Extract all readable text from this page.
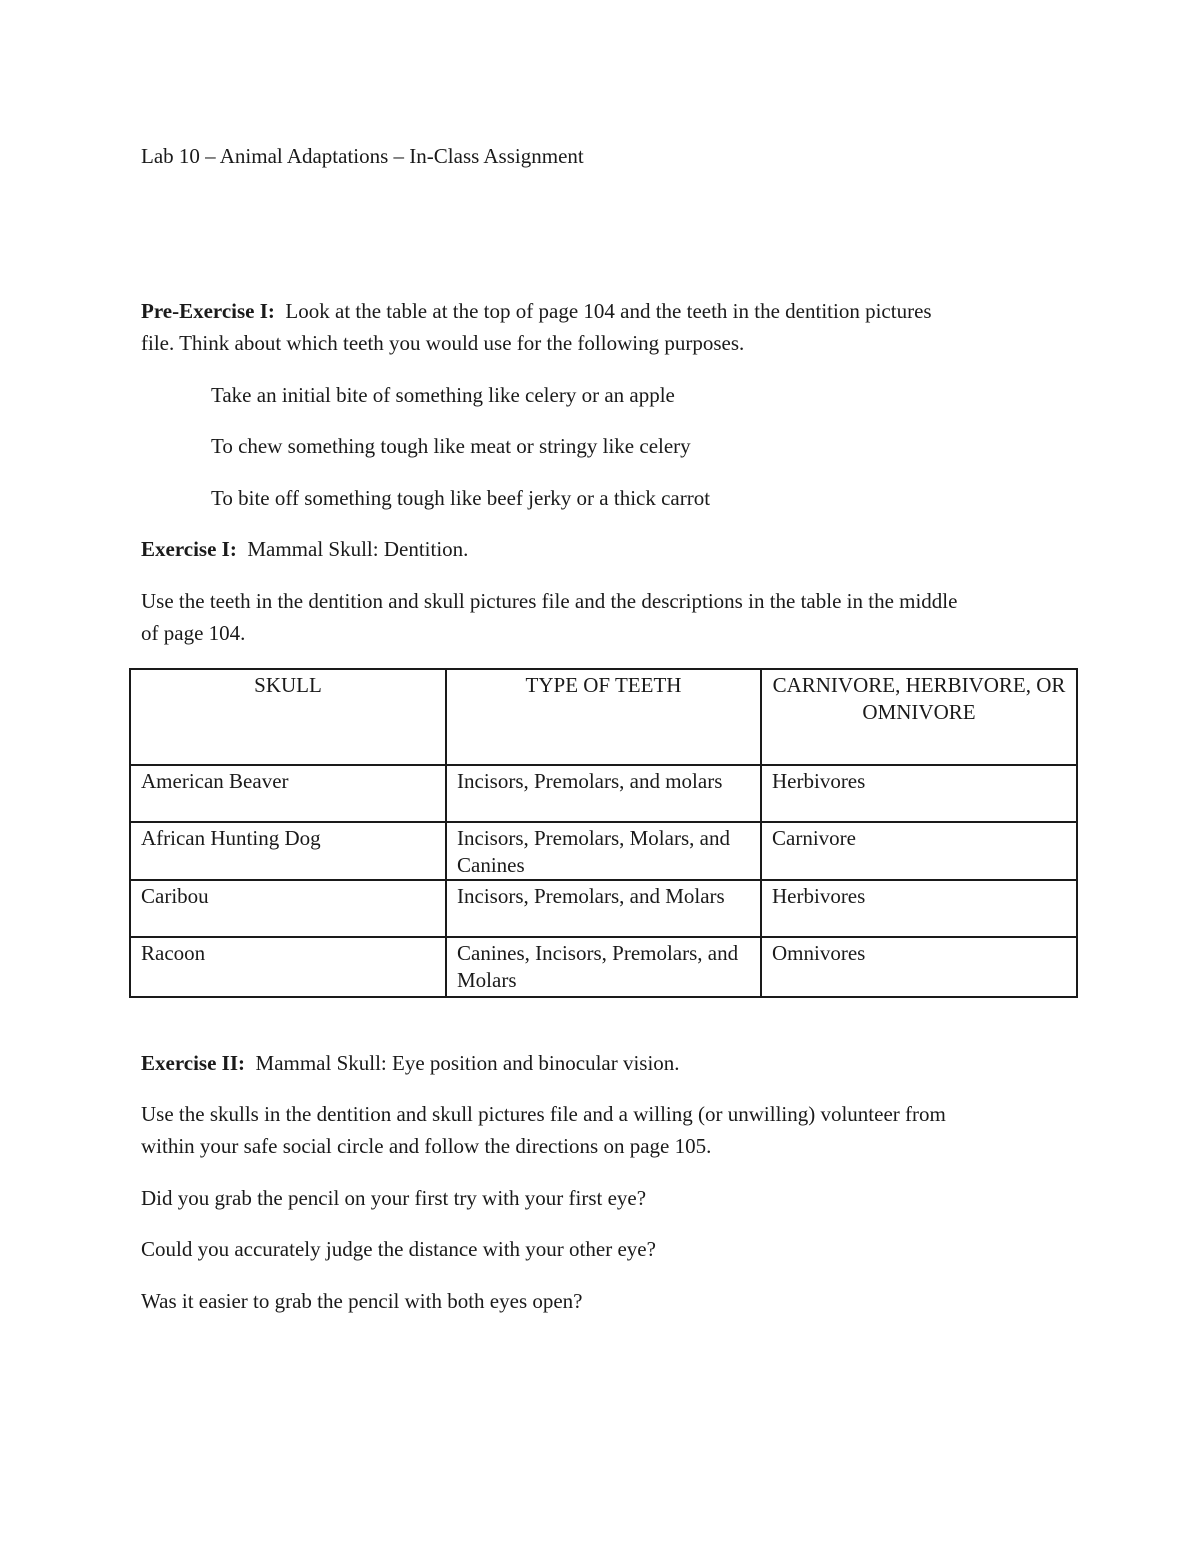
Lab 10 – Animal Adaptations – In-Class Assignment
Pre-Exercise I: Look at the table at the top of page 104 and the teeth in the dentition pictures
file. Think about which teeth you would use for the following purposes.
Take an initial bite of something like celery or an apple
To chew something tough like meat or stringy like celery
To bite off something tough like beef jerky or a thick carrot
Exercise I: Mammal Skull: Dentition.
Use the teeth in the dentition and skull pictures file and the descriptions in the table in the middle
of page 104.
SKULL	TYPE OF TEETH	CARNIVORE, HERBIVORE, OR OMNIVORE
American Beaver	Incisors, Premolars, and molars	Herbivores
African Hunting Dog	Incisors, Premolars, Molars, and Canines	Carnivore
Caribou	Incisors, Premolars, and Molars	Herbivores
Racoon	Canines, Incisors, Premolars, and Molars	Omnivores
Exercise II: Mammal Skull: Eye position and binocular vision.
Use the skulls in the dentition and skull pictures file and a willing (or unwilling) volunteer from
within your safe social circle and follow the directions on page 105.
Did you grab the pencil on your first try with your first eye?
Could you accurately judge the distance with your other eye?
Was it easier to grab the pencil with both eyes open?
